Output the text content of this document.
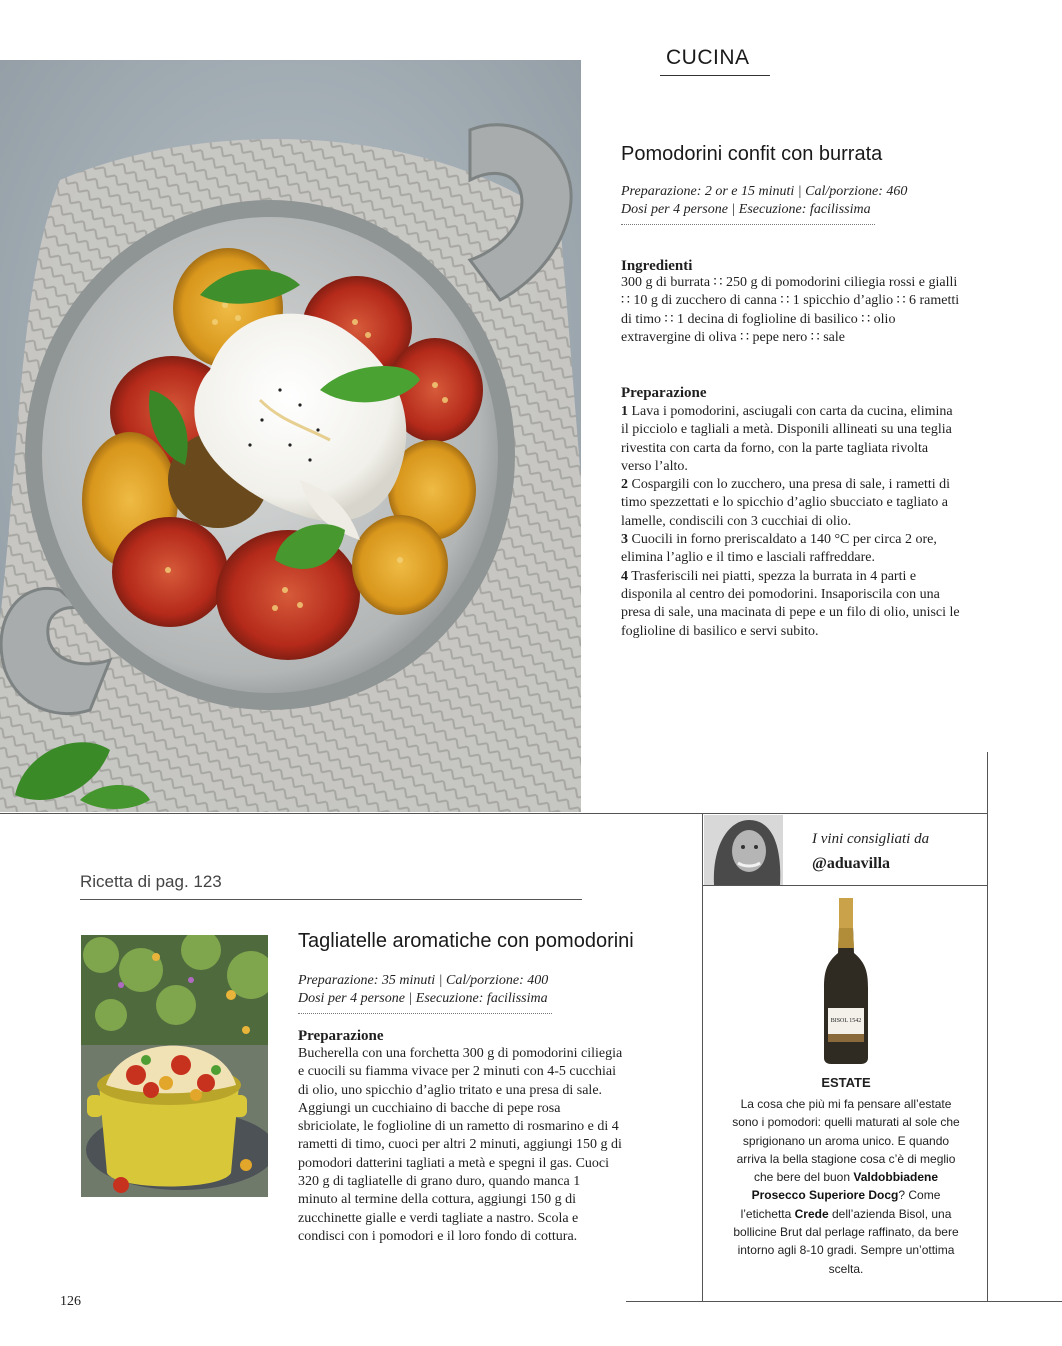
CUCINA
Pomodorini confit con burrata
Preparazione: 2 or e 15 minuti | Cal/porzione: 460
Dosi per 4 persone | Esecuzione: facilissima
Ingredienti
300 g di burrata ∷ 250 g di pomodorini ciliegia rossi e gialli ∷ 10 g di zucchero di canna ∷ 1 spicchio d’aglio ∷ 6 rametti di timo ∷ 1 decina di foglioline di basilico ∷ olio extravergine di oliva ∷ pepe nero ∷ sale
Preparazione

1 Lava i pomodorini, asciugali con carta da cucina, elimina il picciolo e tagliali a metà. Disponili allineati su una teglia rivestita con carta da forno, con la parte tagliata rivolta verso l’alto.

2 Cospargili con lo zucchero, una presa di sale, i rametti di timo spezzettati e lo spicchio d’aglio sbucciato e tagliato a lamelle, condiscili con 3 cucchiai di olio.

3 Cuocili in forno preriscaldato a 140 °C per circa 2 ore, elimina l’aglio e il timo e lasciali raffreddare.

4 Trasferiscili nei piatti, spezza la burrata in 4 parti e disponila al centro dei pomodorini. Insaporiscila con una presa di sale, una macinata di pepe e un filo di olio, unisci le foglioline di basilico e servi subito.

Ricetta di pag. 123
Tagliatelle aromatiche con pomodorini
Preparazione: 35 minuti | Cal/porzione: 400
Dosi per 4 persone | Esecuzione: facilissima
Preparazione
Bucherella con una forchetta 300 g di pomodorini ciliegia e cuocili su fiamma vivace per 2 minuti con 4-5 cucchiai di olio, uno spicchio d’aglio tritato e una presa di sale. Aggiungi un cucchiaino di bacche di pepe rosa sbriciolate, le foglioline di un rametto di rosmarino e di 4 rametti di timo, cuoci per altri 2 minuti, aggiungi 150 g di pomodori datterini tagliati a metà e spegni il gas. Cuoci 320 g di tagliatelle di grano duro, quando manca 1 minuto al termine della cottura, aggiungi 150 g di zucchinette gialle e verdi tagliate a nastro. Scola e condisci con i pomodori e il loro fondo di cottura.
I vini consigliati da
@aduavilla
BISOL 1542
ESTATE
La cosa che più mi fa pensare all’estate sono i pomodori: quelli maturati al sole che sprigionano un aroma unico. E quando arriva la bella stagione cosa c’è di meglio che bere del buon Valdobbiadene Prosecco Superiore Docg? Come l’etichetta Crede dell’azienda Bisol, una bollicine Brut dal perlage raffinato, da bere intorno agli 8-10 gradi. Sempre un’ottima scelta.
126
